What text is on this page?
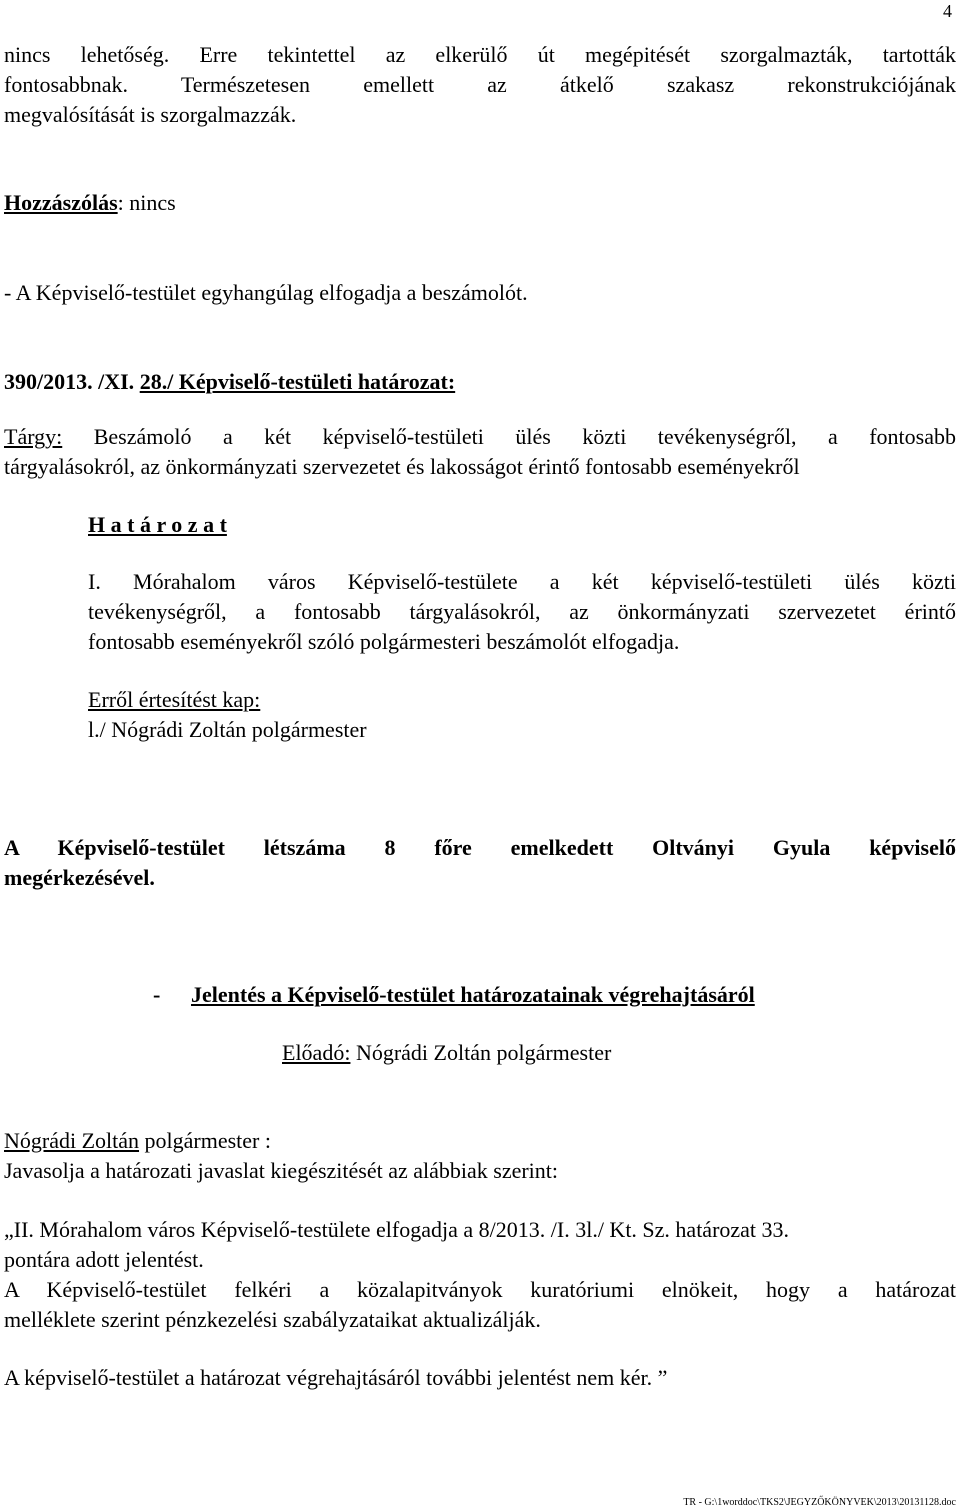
4
nincs lehetőség. Erre tekintettel az elkerülő út megépitését szorgalmazták, tartották
fontosabbnak. Természetesen emellett az átkelő szakasz rekonstrukciójának
megvalósítását is szorgalmazzák.
Hozzászólás: nincs
- A Képviselő-testület egyhangúlag elfogadja a beszámolót.
390/2013. /XI. 28./ Képviselő-testületi határozat:
Tárgy: Beszámoló a két képviselő-testületi ülés közti tevékenységről, a fontosabb
tárgyalásokról, az önkormányzati szervezetet és lakosságot érintő fontosabb eseményekről
H a t á r o z a t
I. Mórahalom város Képviselő-testülete a két képviselő-testületi ülés közti
tevékenységről, a fontosabb tárgyalásokról, az önkormányzati szervezetet érintő
fontosabb eseményekről szóló polgármesteri beszámolót elfogadja.
Erről értesítést kap:
l./ Nógrádi Zoltán polgármester
A Képviselő-testület létszáma 8 főre emelkedett Oltványi Gyula képviselő
megérkezésével.
- Jelentés a Képviselő-testület határozatainak végrehajtásáról
Előadó: Nógrádi Zoltán polgármester
Nógrádi Zoltán polgármester :
Javasolja a határozati javaslat kiegészitését az alábbiak szerint:
„II. Mórahalom város Képviselő-testülete elfogadja a 8/2013. /I. 3l./ Kt. Sz. határozat 33.
pontára adott jelentést.
A Képviselő-testület felkéri a közalapitványok kuratóriumi elnökeit, hogy a határozat
melléklete szerint pénzkezelési szabályzataikat aktualizálják.
A képviselő-testület a határozat végrehajtásáról további jelentést nem kér. ”
TR - G:\1worddoc\TKS2\JEGYZŐKÖNYVEK\2013\20131128.doc
